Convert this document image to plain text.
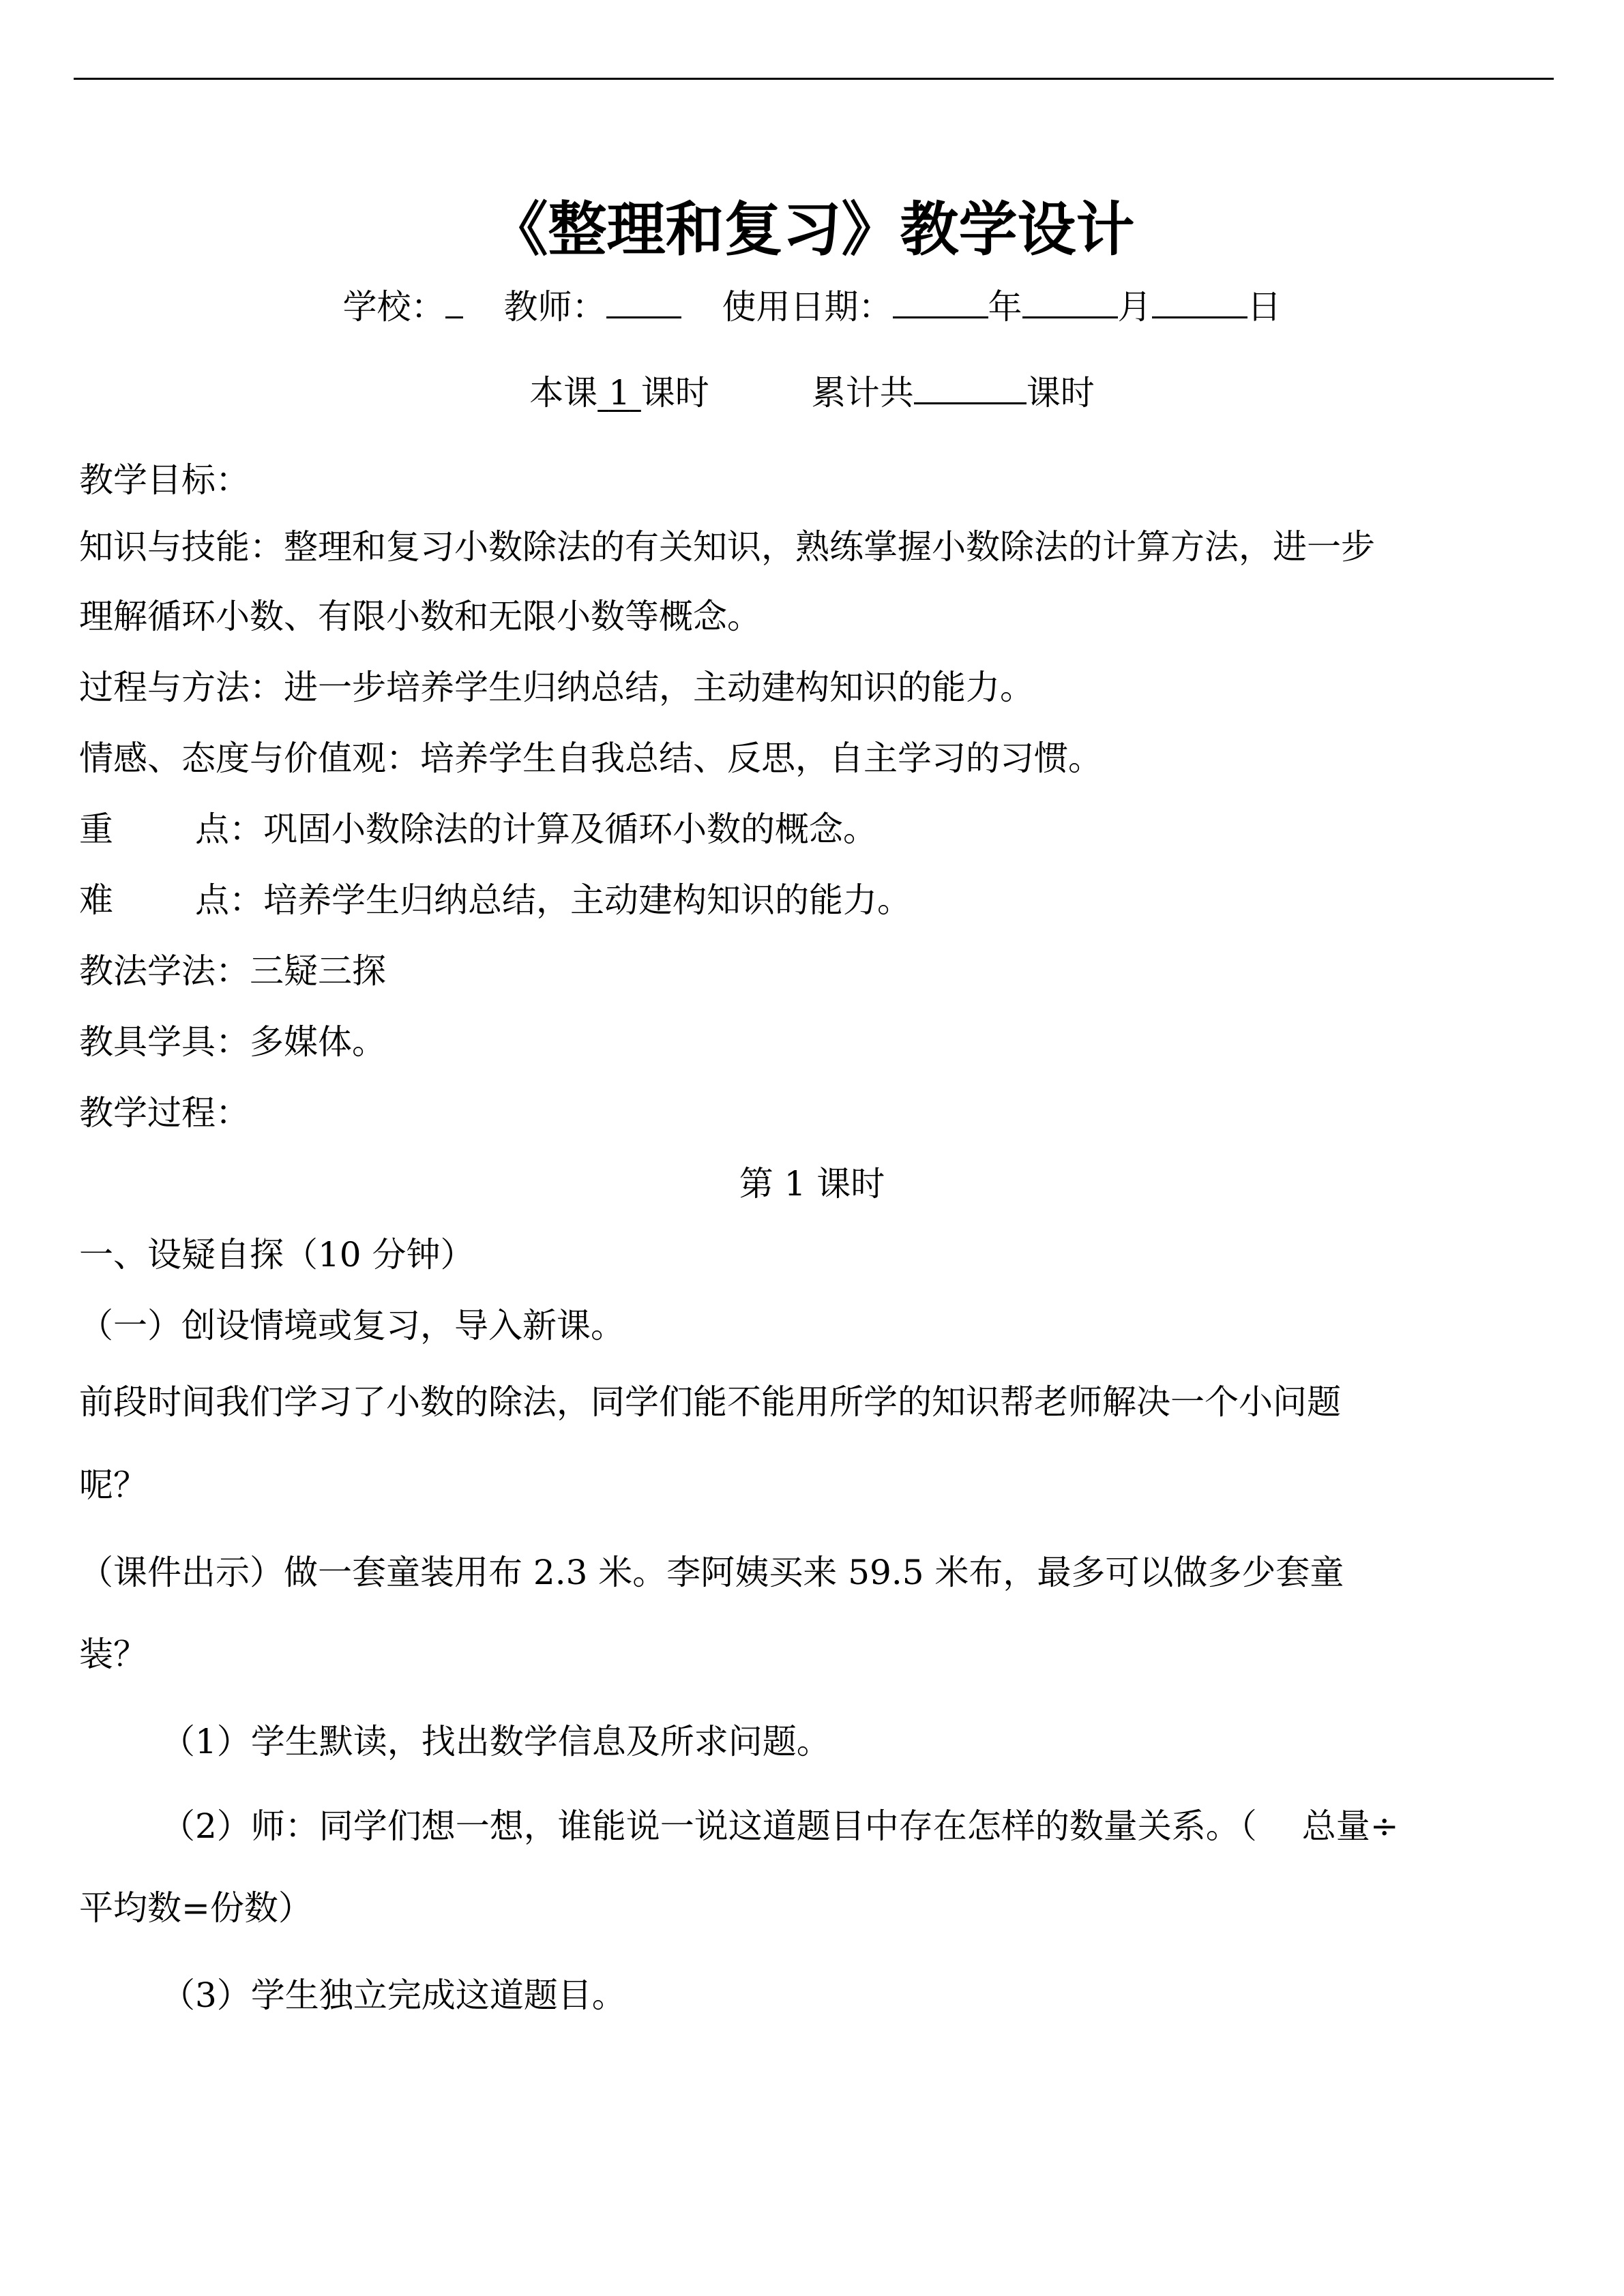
《整理和复习》教学设计
学校： 教师：	使用日期：	年	月	日
本课 1 课时	累计共	课时
教学目标：
知识与技能：整理和复习小数除法的有关知识，熟练掌握小数除法的计算方法，进一步
理解循环小数、有限小数和无限小数等概念。
过程与方法：进一步培养学生归纳总结，主动建构知识的能力。
情感、态度与价值观：培养学生自我总结、反思，自主学习的习惯。
重 点：巩固小数除法的计算及循环小数的概念。
难 点：培养学生归纳总结，主动建构知识的能力。
教法学法：三疑三探
教具学具：多媒体。
教学过程：
第 1 课时
一、设疑自探（10 分钟）
（一）创设情境或复习，导入新课。
前段时间我们学习了小数的除法，同学们能不能用所学的知识帮老师解决一个小问题
呢？
（课件出示）做一套童装用布 2.3 米。李阿姨买来 59.5 米布，最多可以做多少套童
装？
（1）学生默读，找出数学信息及所求问题。
（2）师：同学们想一想，谁能说一说这道题目中存在怎样的数量关系。（　 总量÷
平均数=份数）
（3）学生独立完成这道题目。
